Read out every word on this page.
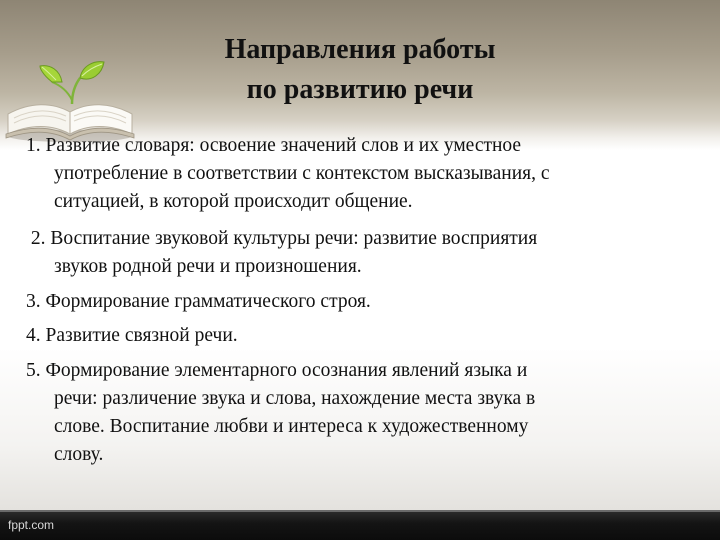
Направления работы
по развитию речи
1. Развитие словаря: освоение значений слов и их уместное
употребление в соответствии с контекстом высказывания, с
ситуацией, в которой происходит общение.
2. Воспитание звуковой культуры речи: развитие восприятия
звуков родной речи и произношения.
3. Формирование грамматического строя.
4. Развитие связной речи.
5. Формирование элементарного осознания явлений языка и
речи: различение звука и слова, нахождение места звука в
слове. Воспитание любви и интереса к художественному
слову.
fppt.com
